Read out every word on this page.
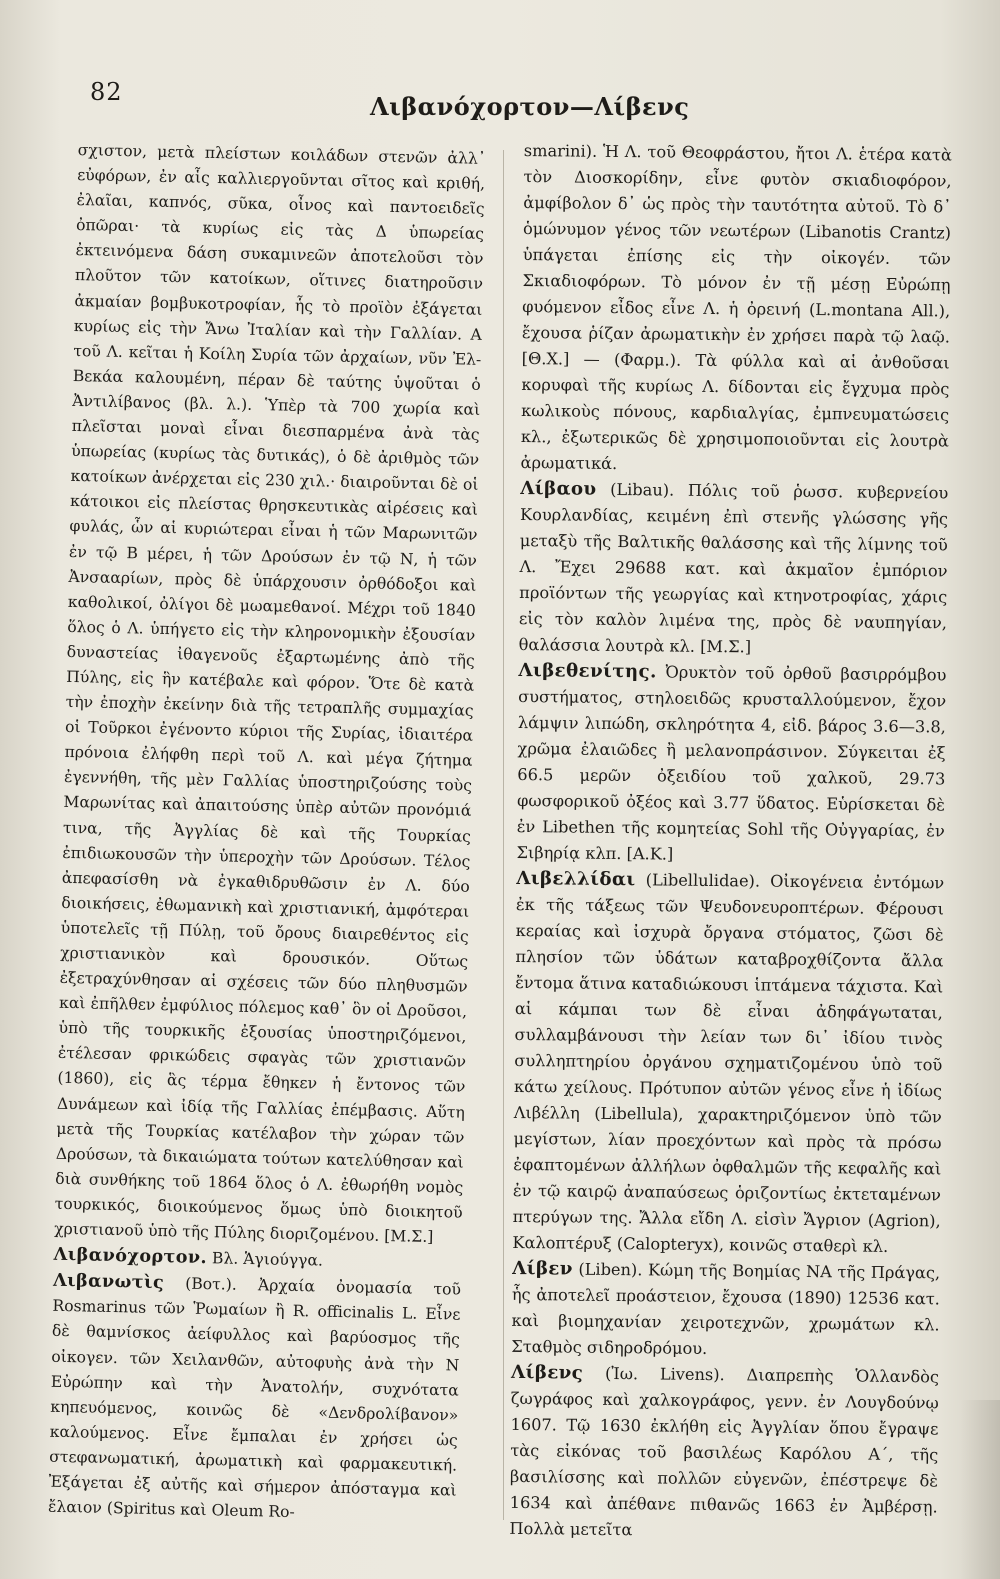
82	Λιβανόχορτον—Λίβενς

σχιστον, μετὰ πλείστων κοιλάδων στενῶν ἀλλ᾽ εὐφόρων, ἐν αἷς καλλιεργοῦνται σῖτος καὶ κριθή, ἐλαῖαι, καπνός, σῦκα, οἶνος καὶ παντοειδεῖς ὀπῶραι· τὰ κυρίως εἰς τὰς Δ ὑπωρείας ἐκτεινόμενα δάση συκαμινεῶν ἀποτελοῦσι τὸν πλοῦτον τῶν κατοίκων, οἵτινες διατηροῦσιν ἀκμαίαν βομβυκοτροφίαν, ἧς τὸ προϊὸν ἐξάγεται κυρίως εἰς τὴν Ἄνω Ἰταλίαν καὶ τὴν Γαλλίαν. Α τοῦ Λ. κεῖται ἡ Κοίλη Συρία τῶν ἀρχαίων, νῦν Ἐλ-Βεκάα καλουμένη, πέραν δὲ ταύτης ὑψοῦται ὁ Ἀντιλίβανος (βλ. λ.). Ὑπὲρ τὰ 700 χωρία καὶ πλεῖσται μοναὶ εἶναι διεσπαρμένα ἀνὰ τὰς ὑπωρείας (κυρίως τὰς δυτικάς), ὁ δὲ ἀριθμὸς τῶν κατοίκων ἀνέρχεται εἰς 230 χιλ.· διαιροῦνται δὲ οἱ κάτοικοι εἰς πλείστας θρησκευτικὰς αἱρέσεις καὶ φυλάς, ὧν αἱ κυριώτεραι εἶναι ἡ τῶν Μαρωνιτῶν ἐν τῷ Β μέρει, ἡ τῶν Δρούσων ἐν τῷ Ν, ἡ τῶν Ἀνσααρίων, πρὸς δὲ ὑπάρχουσιν ὀρθόδοξοι καὶ καθολικοί, ὀλίγοι δὲ μωαμεθανοί. Μέχρι τοῦ 1840 ὅλος ὁ Λ. ὑπήγετο εἰς τὴν κληρονομικὴν ἐξουσίαν δυναστείας ἰθαγενοῦς ἐξαρτωμένης ἀπὸ τῆς Πύλης, εἰς ἣν κατέβαλε καὶ φόρον. Ὅτε δὲ κατὰ τὴν ἐποχὴν ἐκείνην διὰ τῆς τετραπλῆς συμμαχίας οἱ Τοῦρκοι ἐγένοντο κύριοι τῆς Συρίας, ἰδιαιτέρα πρόνοια ἐλήφθη περὶ τοῦ Λ. καὶ μέγα ζήτημα ἐγεννήθη, τῆς μὲν Γαλλίας ὑποστηριζούσης τοὺς Μαρωνίτας καὶ ἀπαιτούσης ὑπὲρ αὐτῶν προνόμιά τινα, τῆς Ἀγγλίας δὲ καὶ τῆς Τουρκίας ἐπιδιωκουσῶν τὴν ὑπεροχὴν τῶν Δρούσων. Τέλος ἀπεφασίσθη νὰ ἐγκαθιδρυθῶσιν ἐν Λ. δύο διοικήσεις, ἐθωμανικὴ καὶ χριστιανική, ἀμφότεραι ὑποτελεῖς τῇ Πύλῃ, τοῦ ὄρους διαιρεθέντος εἰς χριστιανικὸν καὶ δρουσικόν. Οὕτως ἐξετραχύνθησαν αἱ σχέσεις τῶν δύο πληθυσμῶν καὶ ἐπῆλθεν ἐμφύλιος πόλεμος καθ᾽ ὃν οἱ Δροῦσοι, ὑπὸ τῆς τουρκικῆς ἐξουσίας ὑποστηριζόμενοι, ἐτέλεσαν φρικώδεις σφαγὰς τῶν χριστιανῶν (1860), εἰς ἃς τέρμα ἔθηκεν ἡ ἔντονος τῶν Δυνάμεων καὶ ἰδίᾳ τῆς Γαλλίας ἐπέμβασις. Αὕτη μετὰ τῆς Τουρκίας κατέλαβον τὴν χώραν τῶν Δρούσων, τὰ δικαιώματα τούτων κατελύθησαν καὶ διὰ συνθήκης τοῦ 1864 ὅλος ὁ Λ. ἐθωρήθη νομὸς τουρκικός, διοικούμενος ὅμως ὑπὸ διοικητοῦ χριστιανοῦ ὑπὸ τῆς Πύλης διοριζομένου. [Μ.Σ.]

Λιβανόχορτον. Βλ. Ἁγιούγγα.

Λιβανωτὶς (Βοτ.). Ἀρχαία ὀνομασία τοῦ Rosmarinus τῶν Ῥωμαίων ἢ R. officinalis L. Εἶνε δὲ θαμνίσκος ἀείφυλλος καὶ βαρύοσμος τῆς οἰκογεν. τῶν Χειλανθῶν, αὐτοφυὴς ἀνὰ τὴν Ν Εὐρώπην καὶ τὴν Ἀνατολήν, συχνότατα κηπευόμενος, κοινῶς δὲ «Δενδρολίβανον» καλούμενος. Εἶνε ἔμπαλαι ἐν χρήσει ὡς στεφανωματική, ἀρωματικὴ καὶ φαρμακευτική. Ἐξάγεται ἐξ αὐτῆς καὶ σήμερον ἀπόσταγμα καὶ ἔλαιον (Spiritus καὶ Oleum Ro-

smarini). Ἡ Λ. τοῦ Θεοφράστου, ἤτοι Λ. ἑτέρα κατὰ τὸν Διοσκορίδην, εἶνε φυτὸν σκιαδιοφόρον, ἀμφίβολον δ᾽ ὡς πρὸς τὴν ταυτότητα αὐτοῦ. Τὸ δ᾽ ὁμώνυμον γένος τῶν νεωτέρων (Libanotis Crantz) ὑπάγεται ἐπίσης εἰς τὴν οἰκογέν. τῶν Σκιαδιοφόρων. Τὸ μόνον ἐν τῇ μέσῃ Εὐρώπῃ φυόμενον εἶδος εἶνε Λ. ἡ ὀρεινή (L.montana All.), ἔχουσα ῥίζαν ἀρωματικὴν ἐν χρήσει παρὰ τῷ λαῷ. [Θ.Χ.] — (Φαρμ.). Τὰ φύλλα καὶ αἱ ἀνθοῦσαι κορυφαὶ τῆς κυρίως Λ. δίδονται εἰς ἔγχυμα πρὸς κωλικοὺς πόνους, καρδιαλγίας, ἐμπνευματώσεις κλ., ἐξωτερικῶς δὲ χρησιμοποιοῦνται εἰς λουτρὰ ἀρωματικά.

Λίβαου (Libau). Πόλις τοῦ ῥωσσ. κυβερνείου Κουρλανδίας, κειμένη ἐπὶ στενῆς γλώσσης γῆς μεταξὺ τῆς Βαλτικῆς θαλάσσης καὶ τῆς λίμνης τοῦ Λ. Ἔχει 29688 κατ. καὶ ἀκμαῖον ἐμπόριον προϊόντων τῆς γεωργίας καὶ κτηνοτροφίας, χάρις εἰς τὸν καλὸν λιμένα της, πρὸς δὲ ναυπηγίαν, θαλάσσια λουτρὰ κλ. [Μ.Σ.]

Λιβεθενίτης. Ὀρυκτὸν τοῦ ὀρθοῦ βασιρρόμβου συστήματος, στηλοειδῶς κρυσταλλούμενον, ἔχον λάμψιν λιπώδη, σκληρότητα 4, εἰδ. βάρος 3.6—3.8, χρῶμα ἐλαιῶδες ἢ μελανοπράσινον. Σύγκειται ἐξ 66.5 μερῶν ὀξειδίου τοῦ χαλκοῦ, 29.73 φωσφορικοῦ ὀξέος καὶ 3.77 ὕδατος. Εὑρίσκεται δὲ ἐν Libethen τῆς κομητείας Sohl τῆς Οὐγγαρίας, ἐν Σιβηρίᾳ κλπ. [Α.Κ.]

Λιβελλίδαι (Libellulidae). Οἰκογένεια ἐντόμων ἐκ τῆς τάξεως τῶν Ψευδονευροπτέρων. Φέρουσι κεραίας καὶ ἰσχυρὰ ὄργανα στόματος, ζῶσι δὲ πλησίον τῶν ὑδάτων καταβροχθίζοντα ἄλλα ἔντομα ἅτινα καταδιώκουσι ἱπτάμενα τάχιστα. Καὶ αἱ κάμπαι των δὲ εἶναι ἀδηφάγωταται, συλλαμβάνουσι τὴν λείαν των δι᾽ ἰδίου τινὸς συλληπτηρίου ὀργάνου σχηματιζομένου ὑπὸ τοῦ κάτω χείλους. Πρότυπον αὐτῶν γένος εἶνε ἡ ἰδίως Λιβέλλη (Libellula), χαρακτηριζόμενον ὑπὸ τῶν μεγίστων, λίαν προεχόντων καὶ πρὸς τὰ πρόσω ἐφαπτομένων ἀλλήλων ὀφθαλμῶν τῆς κεφαλῆς καὶ ἐν τῷ καιρῷ ἀναπαύσεως ὁριζοντίως ἐκτεταμένων πτερύγων της. Ἄλλα εἴδη Λ. εἰσὶν Ἄγριον (Agrion), Καλοπτέρυξ (Calopteryx), κοινῶς σταθερὶ κλ.

Λίβεν (Liben). Κώμη τῆς Βοημίας ΝΑ τῆς Πράγας, ἧς ἀποτελεῖ προάστειον, ἔχουσα (1890) 12536 κατ. καὶ βιομηχανίαν χειροτεχνῶν, χρωμάτων κλ. Σταθμὸς σιδηροδρόμου.

Λίβενς (Ἰω. Livens). Διαπρεπὴς Ὁλλανδὸς ζωγράφος καὶ χαλκογράφος, γενν. ἐν Λουγδούνῳ 1607. Τῷ 1630 ἐκλήθη εἰς Ἀγγλίαν ὅπου ἔγραψε τὰς εἰκόνας τοῦ βασιλέως Καρόλου Α΄, τῆς βασιλίσσης καὶ πολλῶν εὐγενῶν, ἐπέστρεψε δὲ 1634 καὶ ἀπέθανε πιθανῶς 1663 ἐν Ἀμβέρσῃ. Πολλὰ μετεῖτα
